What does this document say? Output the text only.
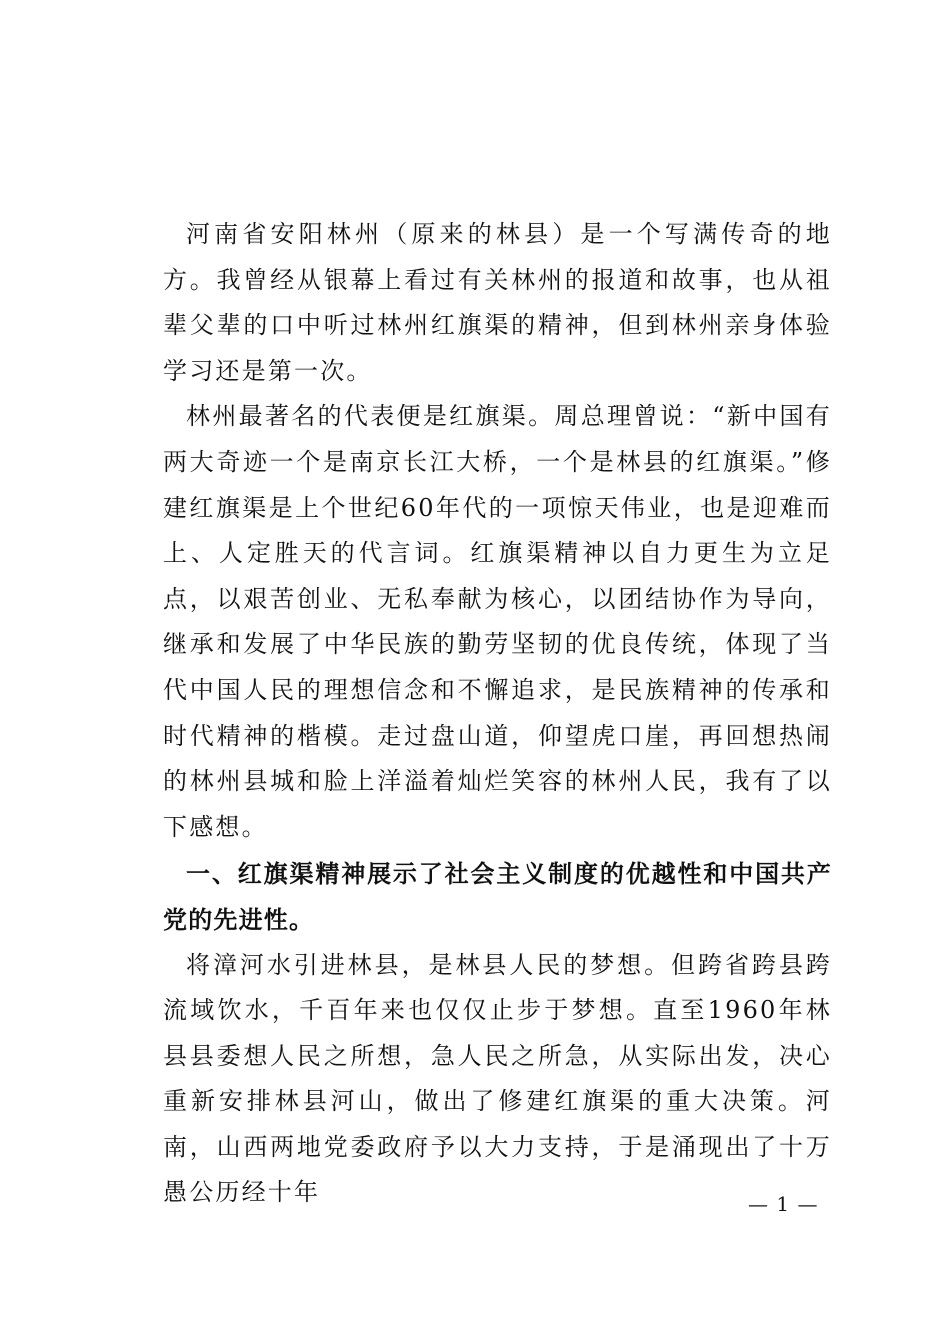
河南省安阳林州（原来的林县）是一个写满传奇的地方。我曾经从银幕上看过有关林州的报道和故事，也从祖辈父辈的口中听过林州红旗渠的精神，但到林州亲身体验学习还是第一次。

林州最著名的代表便是红旗渠。周总理曾说：“新中国有两大奇迹一个是南京长江大桥，一个是林县的红旗渠。”修建红旗渠是上个世纪60年代的一项惊天伟业，也是迎难而上、人定胜天的代言词。红旗渠精神以自力更生为立足点，以艰苦创业、无私奉献为核心，以团结协作为导向，继承和发展了中华民族的勤劳坚韧的优良传统，体现了当代中国人民的理想信念和不懈追求，是民族精神的传承和时代精神的楷模。走过盘山道，仰望虎口崖，再回想热闹的林州县城和脸上洋溢着灿烂笑容的林州人民，我有了以下感想。

一、红旗渠精神展示了社会主义制度的优越性和中国共产党的先进性。

将漳河水引进林县，是林县人民的梦想。但跨省跨县跨流域饮水，千百年来也仅仅止步于梦想。直至1960年林县县委想人民之所想，急人民之所急，从实际出发，决心重新安排林县河山，做出了修建红旗渠的重大决策。河南，山西两地党委政府予以大力支持，于是涌现出了十万愚公历经十年	— 1 —
